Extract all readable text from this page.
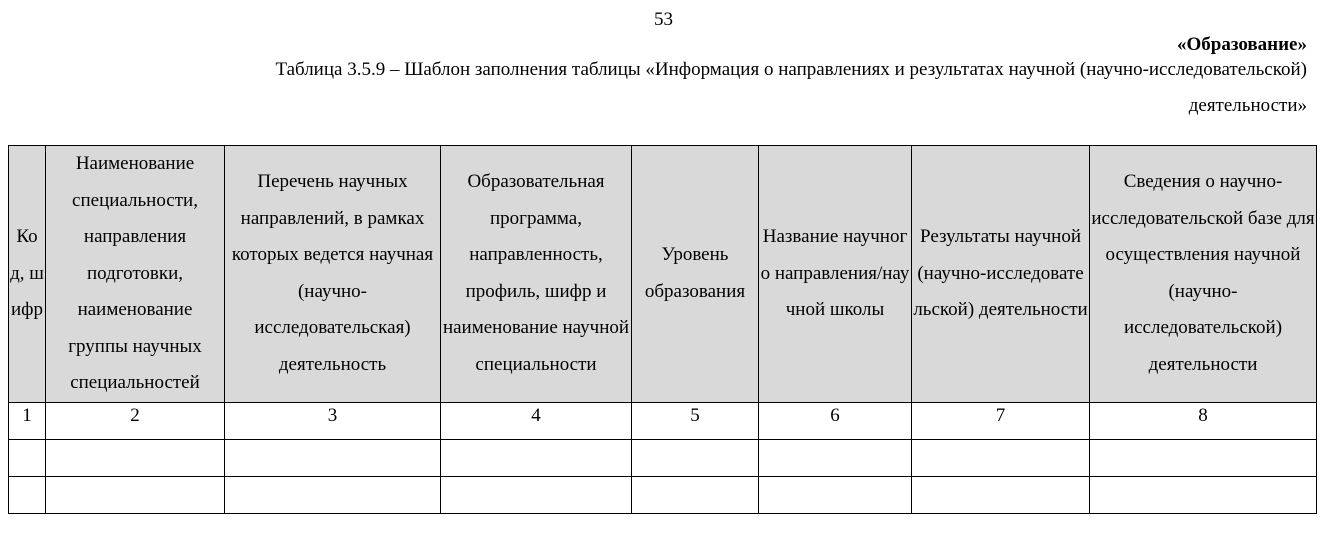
53
«Образование»
Таблица 3.5.9 – Шаблон заполнения таблицы «Информация о направлениях и результатах научной (научно-исследовательской)
деятельности»
Код, шифр	Наименование специальности, направления подготовки, наименование группы научных специальностей	Перечень научных направлений, в рамках которых ведется научная (научно-исследовательская) деятельность	Образовательная программа, направленность, профиль, шифр и наименование научной специальности	Уровень образования	Название научного направления/научной школы	Результаты научной (научно-исследовательской) деятельности	Сведения о научно-исследовательской базе для осуществления научной (научно-исследовательской) деятельности
1	2	3	4	5	6	7	8
